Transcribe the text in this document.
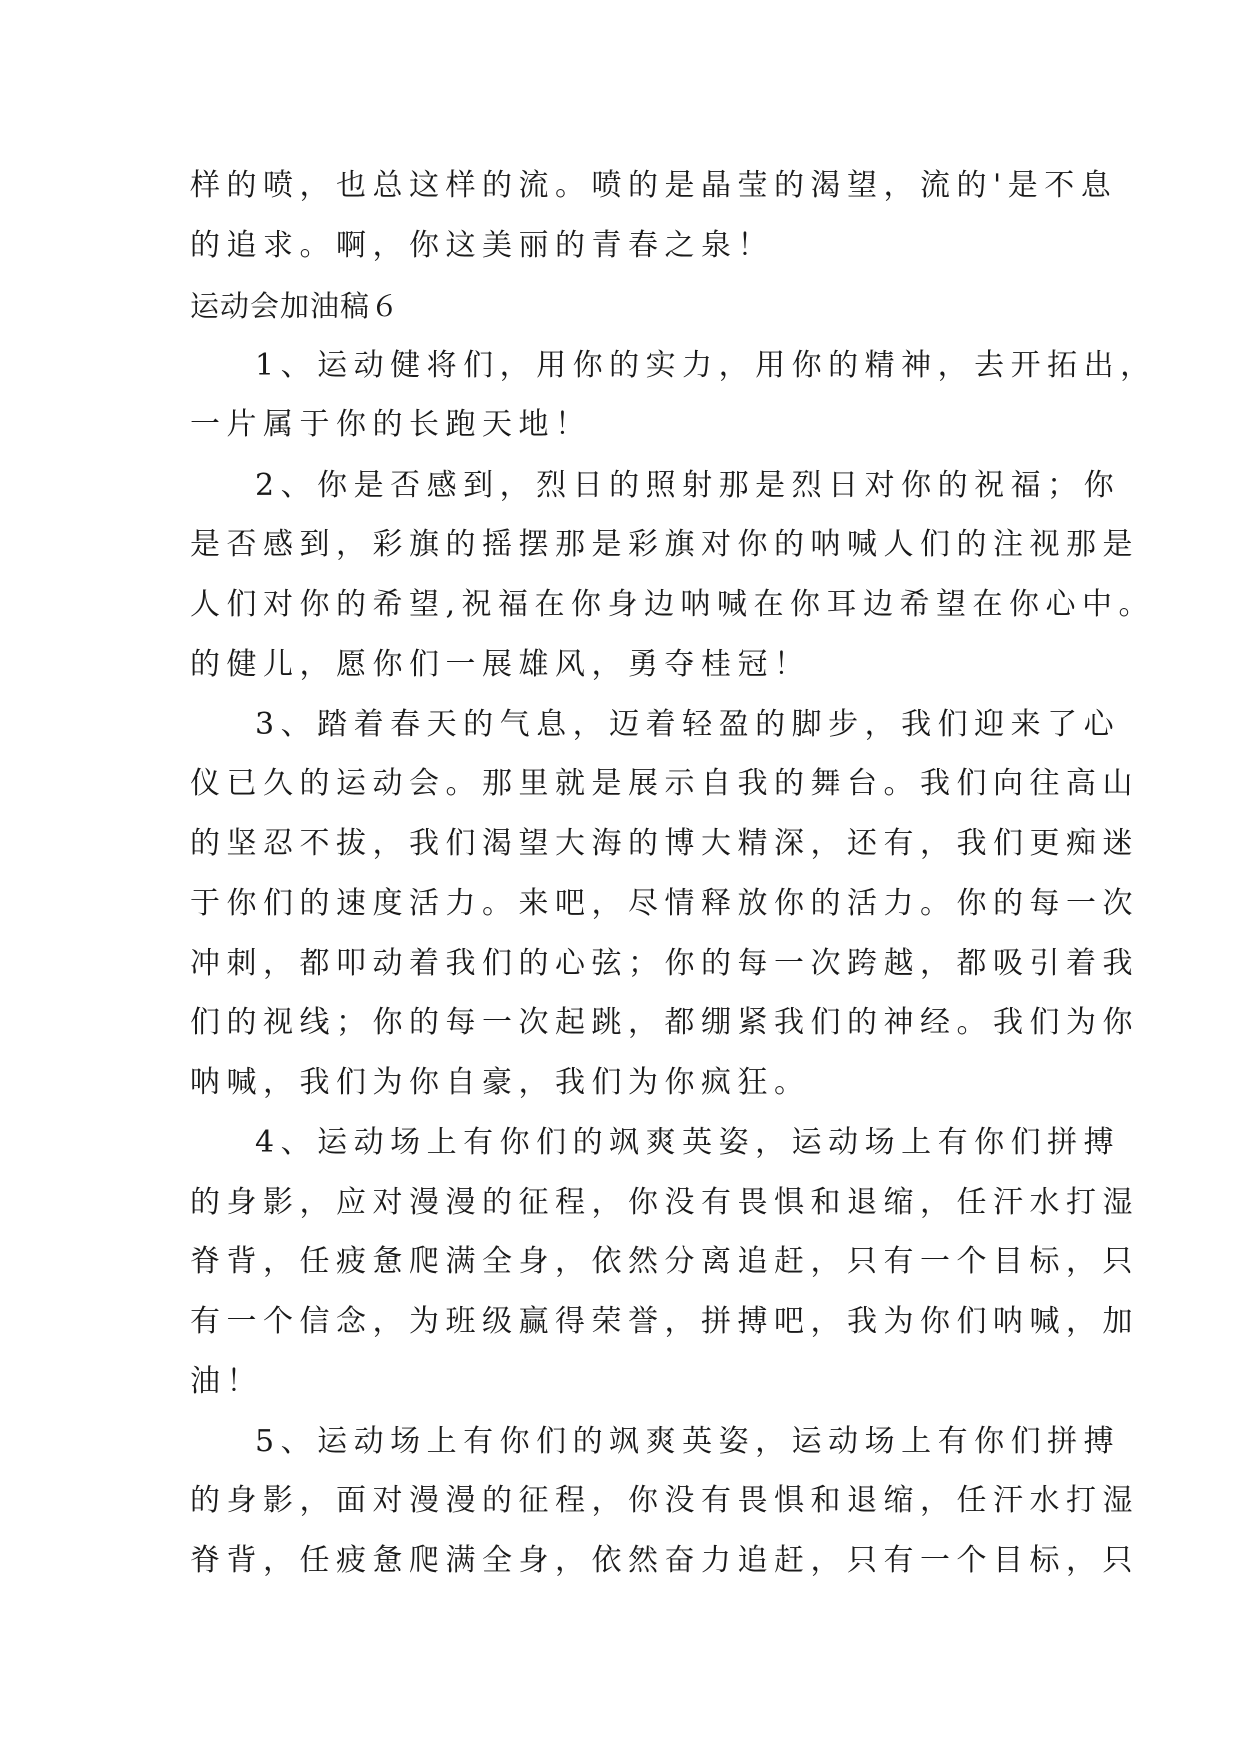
样的喷，也总这样的流。喷的是晶莹的渴望，流的'是不息
的追求。啊，你这美丽的青春之泉！
运动会加油稿６
1、运动健将们，用你的实力，用你的精神，去开拓出，
一片属于你的长跑天地！
2、你是否感到，烈日的照射那是烈日对你的祝福；你
是否感到，彩旗的摇摆那是彩旗对你的呐喊人们的注视那是
人们对你的希望,祝福在你身边呐喊在你耳边希望在你心中。
的健儿，愿你们一展雄风，勇夺桂冠！
3、踏着春天的气息，迈着轻盈的脚步，我们迎来了心
仪已久的运动会。那里就是展示自我的舞台。我们向往高山
的坚忍不拔，我们渴望大海的博大精深，还有，我们更痴迷
于你们的速度活力。来吧，尽情释放你的活力。你的每一次
冲刺，都叩动着我们的心弦；你的每一次跨越，都吸引着我
们的视线；你的每一次起跳，都绷紧我们的神经。我们为你
呐喊，我们为你自豪，我们为你疯狂。
4、运动场上有你们的飒爽英姿，运动场上有你们拼搏
的身影，应对漫漫的征程，你没有畏惧和退缩，任汗水打湿
脊背，任疲惫爬满全身，依然分离追赶，只有一个目标，只
有一个信念，为班级赢得荣誉，拼搏吧，我为你们呐喊，加
油！
5、运动场上有你们的飒爽英姿，运动场上有你们拼搏
的身影，面对漫漫的征程，你没有畏惧和退缩，任汗水打湿
脊背，任疲惫爬满全身，依然奋力追赶，只有一个目标，只
